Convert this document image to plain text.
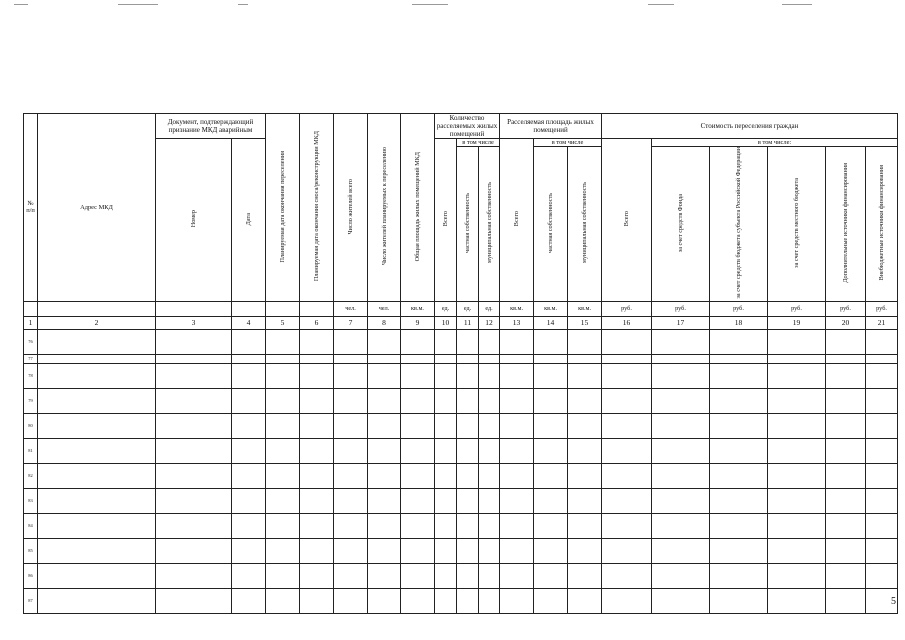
№
п/п	Адрес МКД	Документ, подтверждающий признание МКД аварийным		Планируемая дата окончания переселения	Планируемая дата окончания сноса/реконструкции МКД	Число жителей всего	Число жителей планируемых к переселению	Общая площадь жилых помещений МКД	Количество расселяемых жилых помещений			Расселяемая площадь жилых помещений			Стоимость переселения граждан					
		Номер	Дата						Всего	в том числе		Всего	в том числе		Всего	в том числе:				
										частная собственность	муниципальная собственность		частная собственность	муниципальная собственность		за счет средств Фонда	за счет средств бюджета субъекта Российской Федерации	за счет средств местного бюджета	Дополнительные источники финансирования	Внебюджетные источники финансирования
						чел.	чел.	кв.м.	ед.	ед.	ед.	кв.м.	кв.м.	кв.м.	руб.	руб.	руб.	руб.	руб.	руб.
1	2	3	4	5	6	7	8	9	10	11	12	13	14	15	16	17	18	19	20	21
76																				
77																				
78																				
79																				
80																				
81																				
82																				
83																				
84																				
85																				
86																				
87																					5
